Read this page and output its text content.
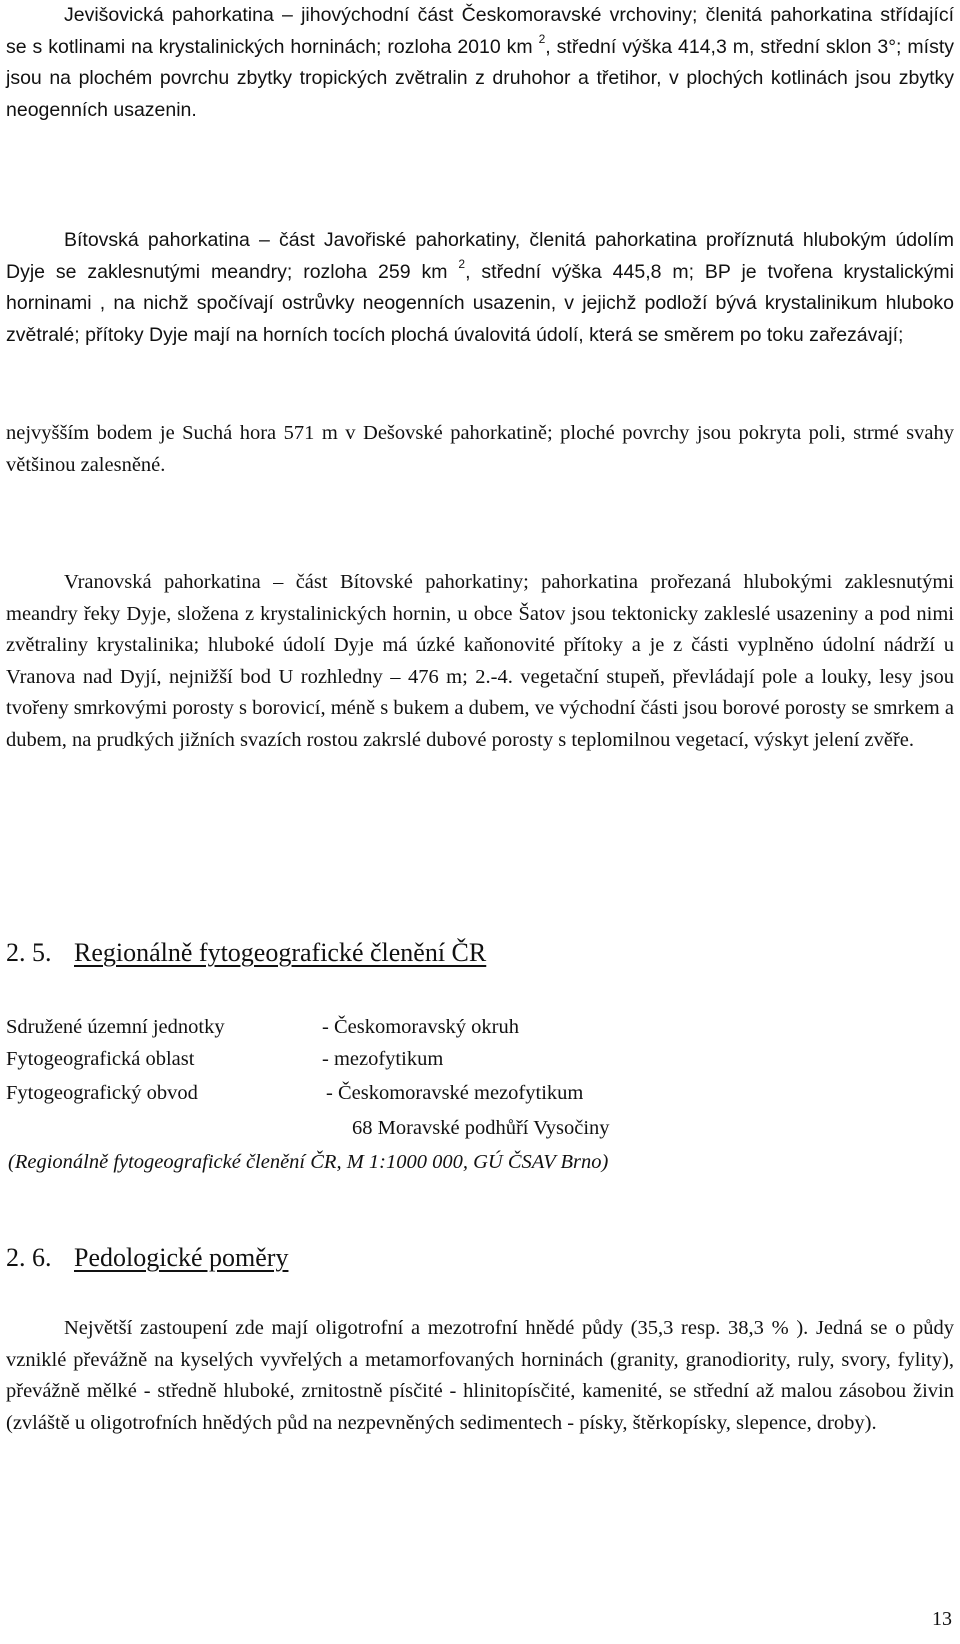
Jevišovická pahorkatina – jihovýchodní část Českomoravské vrchoviny; členitá pahorkatina střídající se s kotlinami na krystalinických horninách; rozloha 2010 km $^2$, střední výška 414,3 m, střední sklon 3°; místy jsou na plochém povrchu zbytky tropických zvětralin z druhohor a třetihor, v plochých kotlinách jsou zbytky neogenních usazenin.

Bítovská pahorkatina – část Javořiské pahorkatiny, členitá pahorkatina proříznutá hlubokým údolím Dyje se zaklesnutými meandry; rozloha 259 km $^2$, střední výška 445,8 m; BP je tvořena krystalickými horninami , na nichž spočívají ostrůvky neogenních usazenin, v jejichž podloží bývá krystalinikum hluboko zvětralé; přítoky Dyje mají na horních tocích plochá úvalovitá údolí, která se směrem po toku zařezávají;

nejvyšším bodem je Suchá hora 571 m v Dešovské pahorkatině; ploché povrchy jsou pokryta poli, strmé svahy většinou zalesněné.

Vranovská pahorkatina – část Bítovské pahorkatiny; pahorkatina prořezaná hlubokými zaklesnutými meandry řeky Dyje, složena z krystalinických hornin, u obce Šatov jsou tektonicky zakleslé usazeniny a pod nimi zvětraliny krystalinika; hluboké údolí Dyje má úzké kaňonovité přítoky a je z části vyplněno údolní nádrží u Vranova nad Dyjí, nejnižší bod U rozhledny – 476 m; 2.-4. vegetační stupeň, převládají pole a louky, lesy jsou tvořeny smrkovými porosty s borovicí, méně s bukem a dubem, ve východní části jsou borové porosty se smrkem a dubem, na prudkých jižních svazích rostou zakrslé dubové porosty s teplomilnou vegetací, výskyt jelení zvěře.

2. 5. Regionálně fytogeografické členění ČR
Sdružené územní jednotky	- Českomoravský okruh
Fytogeografická oblast	- mezofytikum
Fytogeografický obvod	- Českomoravské mezofytikum
68 Moravské podhůří Vysočiny
(Regionálně fytogeografické členění ČR, M 1:1000 000, GÚ ČSAV Brno)
2. 6. Pedologické poměry

Největší zastoupení zde mají oligotrofní a mezotrofní hnědé půdy (35,3 resp. 38,3 % ). Jedná se o půdy vzniklé převážně na kyselých vyvřelých a metamorfovaných horninách (granity, granodiority, ruly, svory, fylity), převážně mělké - středně hluboké, zrnitostně písčité - hlinitopísčité, kamenité, se střední až malou zásobou živin (zvláště u oligotrofních hnědých půd na nezpevněných sedimentech - písky, štěrkopísky, slepence, droby).

13
